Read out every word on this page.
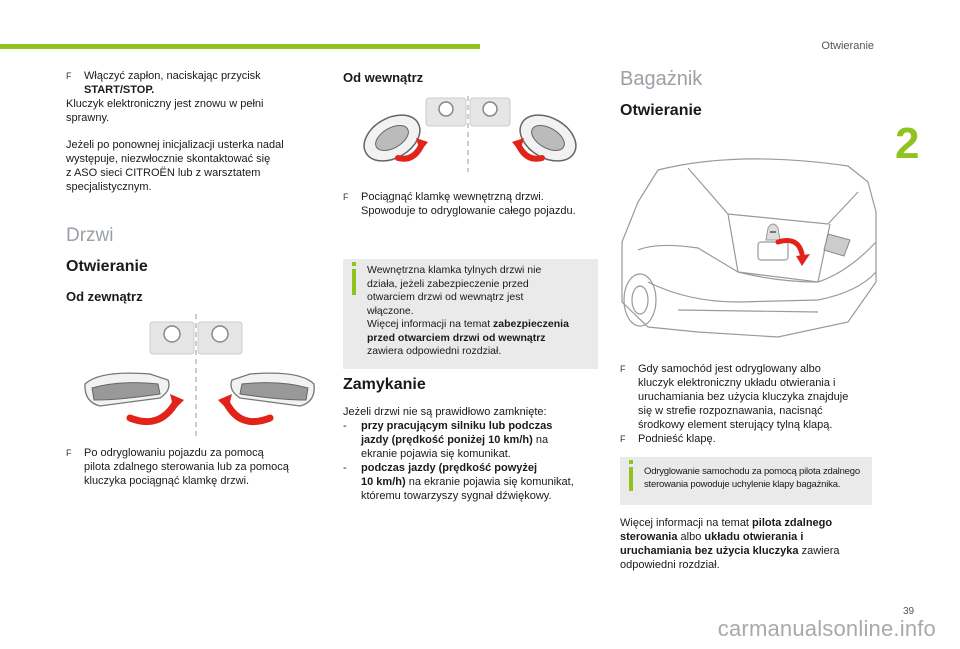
Otwieranie
2
F Włączyć zapłon, naciskając przycisk
START/STOP.
Kluczyk elektroniczny jest znowu w pełni
sprawny.
Jeżeli po ponownej inicjalizacji usterka nadal
występuje, niezwłocznie skontaktować się
z ASO sieci CITROËN lub z warsztatem
specjalistycznym.
Drzwi
Otwieranie
Od zewnątrz
F Po odryglowaniu pojazdu za pomocą
pilota zdalnego sterowania lub za pomocą
kluczyka pociągnąć klamkę drzwi.
Od wewnątrz
F Pociągnąć klamkę wewnętrzną drzwi.
Spowoduje to odryglowanie całego pojazdu.
Wewnętrzna klamka tylnych drzwi nie
działa, jeżeli zabezpieczenie przed
otwarciem drzwi od wewnątrz jest
włączone.
Więcej informacji na temat zabezpieczenia
przed otwarciem drzwi od wewnątrz
zawiera odpowiedni rozdział.
Zamykanie
Jeżeli drzwi nie są prawidłowo zamknięte:
- przy pracującym silniku lub podczas
jazdy (prędkość poniżej 10 km/h) na
ekranie pojawia się komunikat.
- podczas jazdy (prędkość powyżej
10 km/h) na ekranie pojawia się komunikat,
któremu towarzyszy sygnał dźwiękowy.
Bagażnik
Otwieranie
F Gdy samochód jest odryglowany albo
kluczyk elektroniczny układu otwierania i
uruchamiania bez użycia kluczyka znajduje
się w strefie rozpoznawania, nacisnąć
środkowy element sterujący tylną klapą.
F Podnieść klapę.
Odryglowanie samochodu za pomocą pilota zdalnego
sterowania powoduje uchylenie klapy bagażnika.
Więcej informacji na temat pilota zdalnego
sterowania albo układu otwierania i
uruchamiania bez użycia kluczyka zawiera
odpowiedni rozdział.
39
carmanualsonline.info
